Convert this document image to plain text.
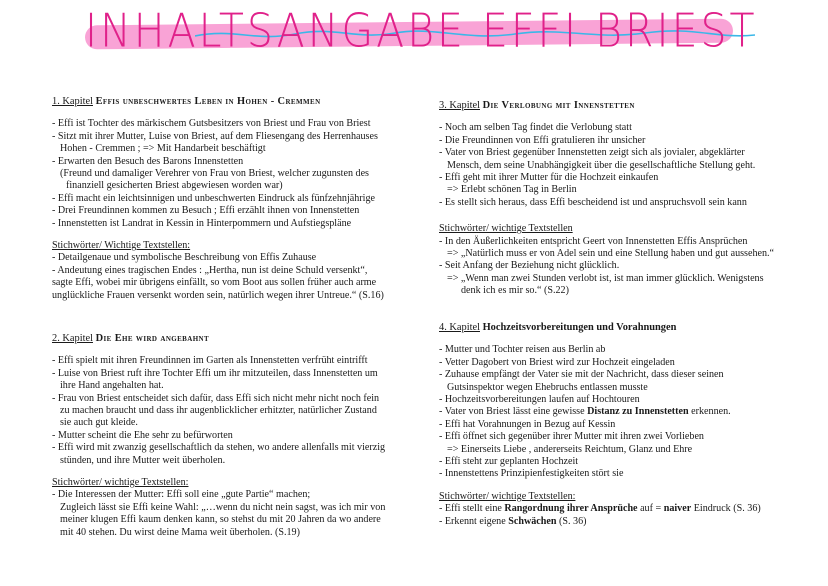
INHALTSANGABE EFFI BRIEST
1. Kapitel Effis unbeschwertes Leben in Hohen - Cremmen
- Effi ist Tochter des märkischem Gutsbesitzers von Briest und Frau von Briest
- Sitzt mit ihrer Mutter, Luise von Briest, auf dem Fliesengang des Herrenhauses
Hohen - Cremmen ; => Mit Handarbeit beschäftigt
- Erwarten den Besuch des Barons Innenstetten
(Freund und damaliger Verehrer von Frau von Briest, welcher zugunsten des
finanziell gesicherten Briest abgewiesen worden war)
- Effi macht ein leichtsinnigen und unbeschwerten Eindruck als fünfzehnjährige
- Drei Freundinnen kommen zu Besuch ; Effi erzählt ihnen von Innenstetten
- Innenstetten ist Landrat in Kessin in Hinterpommern und Aufstiegspläne
Stichwörter/ Wichtige Textstellen:
- Detailgenaue und symbolische Beschreibung von Effis Zuhause
- Andeutung eines tragischen Endes : „Hertha, nun ist deine Schuld versenkt“,
sagte Effi, wobei mir übrigens einfällt, so vom Boot aus sollen früher auch arme
unglückliche Frauen versenkt worden sein, natürlich wegen ihrer Untreue.“ (S.16)
2. Kapitel Die Ehe wird angebahnt
- Effi spielt mit ihren Freundinnen im Garten als Innenstetten verfrüht eintrifft
- Luise von Briest ruft ihre Tochter Effi um ihr mitzuteilen, dass Innenstetten um
ihre Hand angehalten hat.
- Frau von Briest entscheidet sich dafür, dass Effi sich nicht mehr nicht noch fein
zu machen braucht und dass ihr augenblicklicher erhitzter, natürlicher Zustand
sie auch gut kleide.
- Mutter scheint die Ehe sehr zu befürworten
- Effi wird mit zwanzig gesellschaftlich da stehen, wo andere allenfalls mit vierzig
stünden, und ihre Mutter weit überholen.
Stichwörter/ wichtige Textstellen:
- Die Interessen der Mutter: Effi soll eine „gute Partie“ machen;
Zugleich lässt sie Effi keine Wahl: „…wenn du nicht nein sagst, was ich mir von
meiner klugen Effi kaum denken kann, so stehst du mit 20 Jahren da wo andere
mit 40 stehen. Du wirst deine Mama weit überholen. (S.19)
3. Kapitel Die Verlobung mit Innenstetten
- Noch am selben Tag findet die Verlobung statt
- Die Freundinnen von Effi gratulieren ihr unsicher
- Vater von Briest gegenüber Innenstetten zeigt sich als jovialer, abgeklärter
Mensch, dem seine Unabhängigkeit über die gesellschaftliche Stellung geht.
- Effi geht mit ihrer Mutter für die Hochzeit einkaufen
=> Erlebt schönen Tag in Berlin
- Es stellt sich heraus, dass Effi bescheidend ist und anspruchsvoll sein kann
Stichwörter/ wichtige Textstellen
- In den Äußerlichkeiten entspricht Geert von Innenstetten Effis Ansprüchen
=> „Natürlich muss er von Adel sein und eine Stellung haben und gut aussehen.“
- Seit Anfang der Beziehung nicht glücklich.
=> „Wenn man zwei Stunden verlobt ist, ist man immer glücklich. Wenigstens
denk ich es mir so.“ (S.22)
4. Kapitel Hochzeitsvorbereitungen und Vorahnungen
- Mutter und Tochter reisen aus Berlin ab
- Vetter Dagobert von Briest wird zur Hochzeit eingeladen
- Zuhause empfängt der Vater sie mit der Nachricht, dass dieser seinen
Gutsinspektor wegen Ehebruchs entlassen musste
- Hochzeitsvorbereitungen laufen auf Hochtouren
- Vater von Briest lässt eine gewisse Distanz zu Innenstetten erkennen.
- Effi hat Vorahnungen in Bezug auf Kessin
- Effi öffnet sich gegenüber ihrer Mutter mit ihren zwei Vorlieben
=> Einerseits Liebe , andererseits Reichtum, Glanz und Ehre
- Effi steht zur geplanten Hochzeit
- Innenstettens Prinzipienfestigkeiten stört sie
Stichwörter/ wichtige Textstellen:
- Effi stellt eine Rangordnung ihrer Ansprüche auf = naiver Eindruck (S. 36)
- Erkennt eigene Schwächen (S. 36)
